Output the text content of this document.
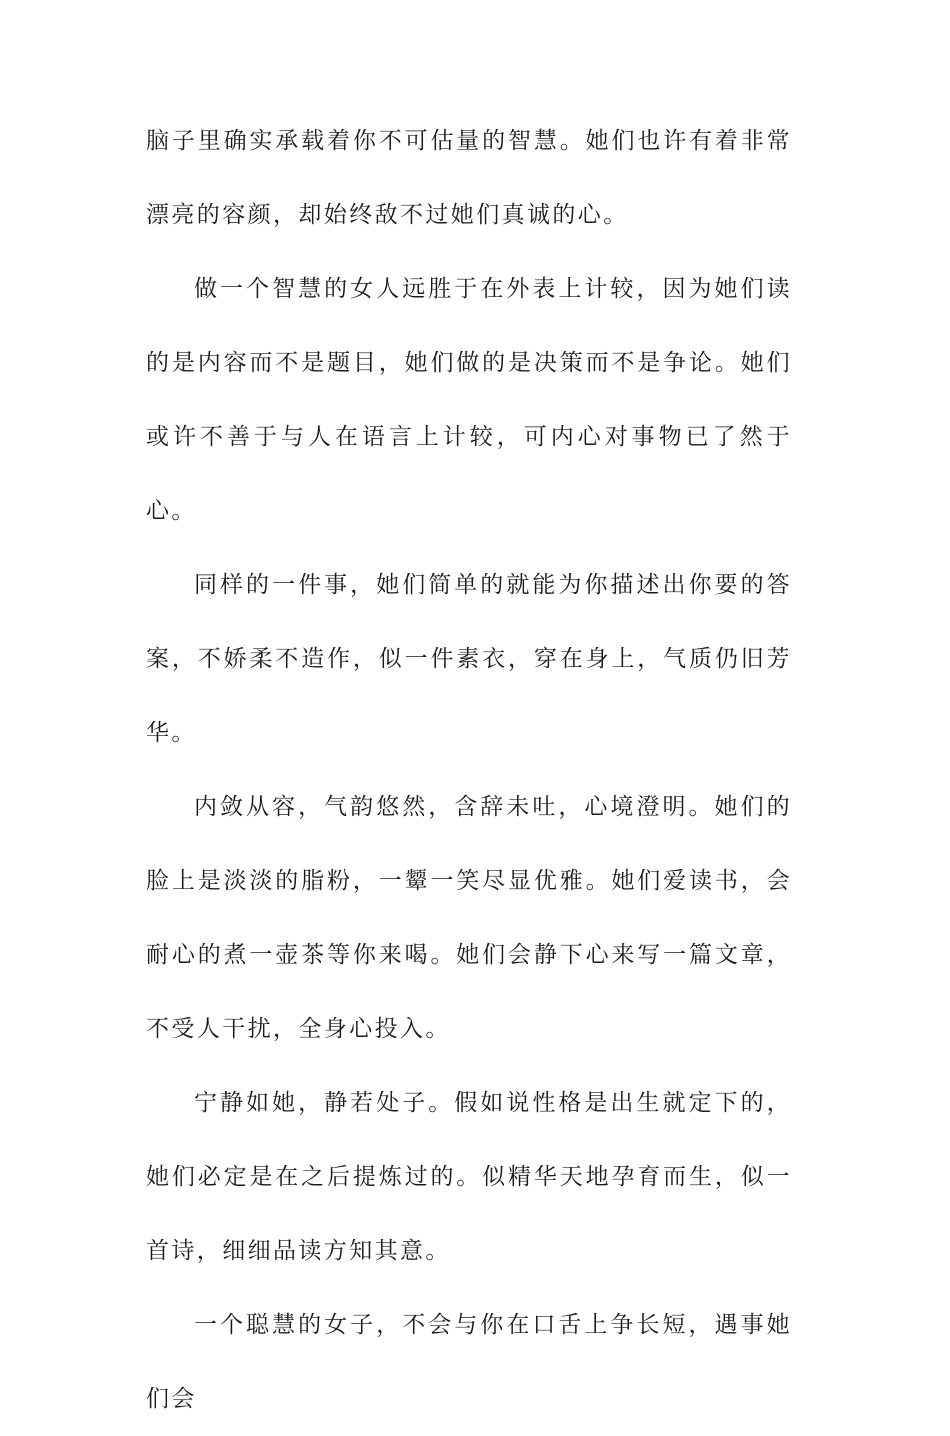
脑子里确实承载着你不可估量的智慧。她们也许有着非常漂亮的容颜，却始终敌不过她们真诚的心。

做一个智慧的女人远胜于在外表上计较，因为她们读的是内容而不是题目，她们做的是决策而不是争论。她们或许不善于与人在语言上计较，可内心对事物已了然于心。

同样的一件事，她们简单的就能为你描述出你要的答案，不娇柔不造作，似一件素衣，穿在身上，气质仍旧芳华。

内敛从容，气韵悠然，含辞未吐，心境澄明。她们的脸上是淡淡的脂粉，一颦一笑尽显优雅。她们爱读书，会耐心的煮一壶茶等你来喝。她们会静下心来写一篇文章，不受人干扰，全身心投入。

宁静如她，静若处子。假如说性格是出生就定下的，她们必定是在之后提炼过的。似精华天地孕育而生，似一首诗，细细品读方知其意。

一个聪慧的女子，不会与你在口舌上争长短，遇事她们会
